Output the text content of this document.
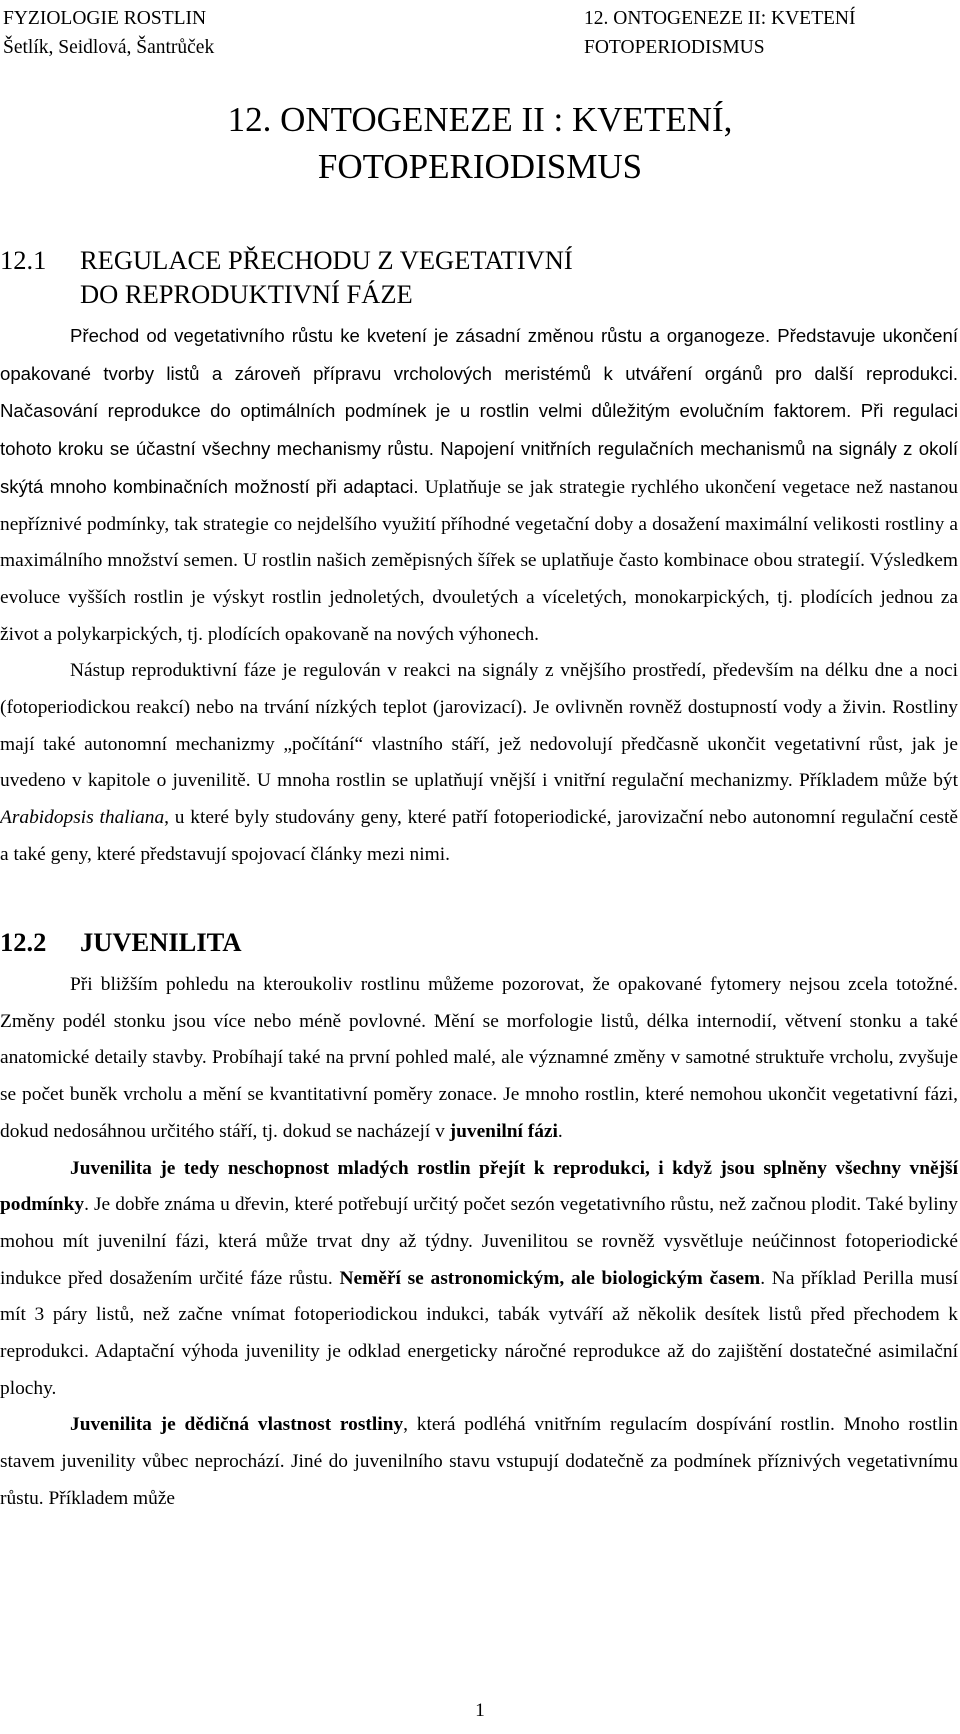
FYZIOLOGIE ROSTLIN
Šetlík, Seidlová, Šantrůček
12. ONTOGENEZE II: KVETENÍ
FOTOPERIODISMUS
12. ONTOGENEZE II : KVETENÍ,
FOTOPERIODISMUS
12.1 REGULACE PŘECHODU Z VEGETATIVNÍ
DO REPRODUKTIVNÍ FÁZE

Přechod od vegetativního růstu ke kvetení je zásadní změnou růstu a organogeze. Představuje ukončení opakované tvorby listů a zároveň přípravu vrcholových meristémů k utváření orgánů pro další reprodukci. Načasování reprodukce do optimálních podmínek je u rostlin velmi důležitým evolučním faktorem. Při regulaci tohoto kroku se účastní všechny mechanismy růstu. Napojení vnitřních regulačních mechanismů na signály z okolí skýtá mnoho kombinačních možností při adaptaci. Uplatňuje se jak strategie rychlého ukončení vegetace než nastanou nepříznivé podmínky, tak strategie co nejdelšího využití příhodné vegetační doby a dosažení maximální velikosti rostliny a maximálního množství semen. U rostlin našich zeměpisných šířek se uplatňuje často kombinace obou strategií. Výsledkem evoluce vyšších rostlin je výskyt rostlin jednoletých, dvouletých a víceletých, monokarpických, tj. plodících jednou za život a polykarpických, tj. plodících opakovaně na nových výhonech.

Nástup reproduktivní fáze je regulován v reakci na signály z vnějšího prostředí, především na délku dne a noci (fotoperiodickou reakcí) nebo na trvání nízkých teplot (jarovizací). Je ovlivněn rovněž dostupností vody a živin. Rostliny mají také autonomní mechanizmy „počítání“ vlastního stáří, jež nedovolují předčasně ukončit vegetativní růst, jak je uvedeno v kapitole o juvenilitě. U mnoha rostlin se uplatňují vnější i vnitřní regulační mechanizmy. Příkladem může být Arabidopsis thaliana, u které byly studovány geny, které patří fotoperiodické, jarovizační nebo autonomní regulační cestě a také geny, které představují spojovací články mezi nimi.

12.2 JUVENILITA

Při bližším pohledu na kteroukoliv rostlinu můžeme pozorovat, že opakované fytomery nejsou zcela totožné. Změny podél stonku jsou více nebo méně povlovné. Mění se morfologie listů, délka internodií, větvení stonku a také anatomické detaily stavby. Probíhají také na první pohled malé, ale významné změny v samotné struktuře vrcholu, zvyšuje se počet buněk vrcholu a mění se kvantitativní poměry zonace. Je mnoho rostlin, které nemohou ukončit vegetativní fázi, dokud nedosáhnou určitého stáří, tj. dokud se nacházejí v juvenilní fázi.

Juvenilita je tedy neschopnost mladých rostlin přejít k reprodukci, i když jsou splněny všechny vnější podmínky. Je dobře známa u dřevin, které potřebují určitý počet sezón vegetativního růstu, než začnou plodit. Také byliny mohou mít juvenilní fázi, která může trvat dny až týdny. Juvenilitou se rovněž vysvětluje neúčinnost fotoperiodické indukce před dosažením určité fáze růstu. Neměří se astronomickým, ale biologickým časem. Na příklad Perilla musí mít 3 páry listů, než začne vnímat fotoperiodickou indukci, tabák vytváří až několik desítek listů před přechodem k reprodukci. Adaptační výhoda juvenility je odklad energeticky náročné reprodukce až do zajištění dostatečné asimilační plochy.

Juvenilita je dědičná vlastnost rostliny, která podléhá vnitřním regulacím dospívání rostlin. Mnoho rostlin stavem juvenility vůbec neprochází. Jiné do juvenilního stavu vstupují dodatečně za podmínek příznivých vegetativnímu růstu. Příkladem může

1
